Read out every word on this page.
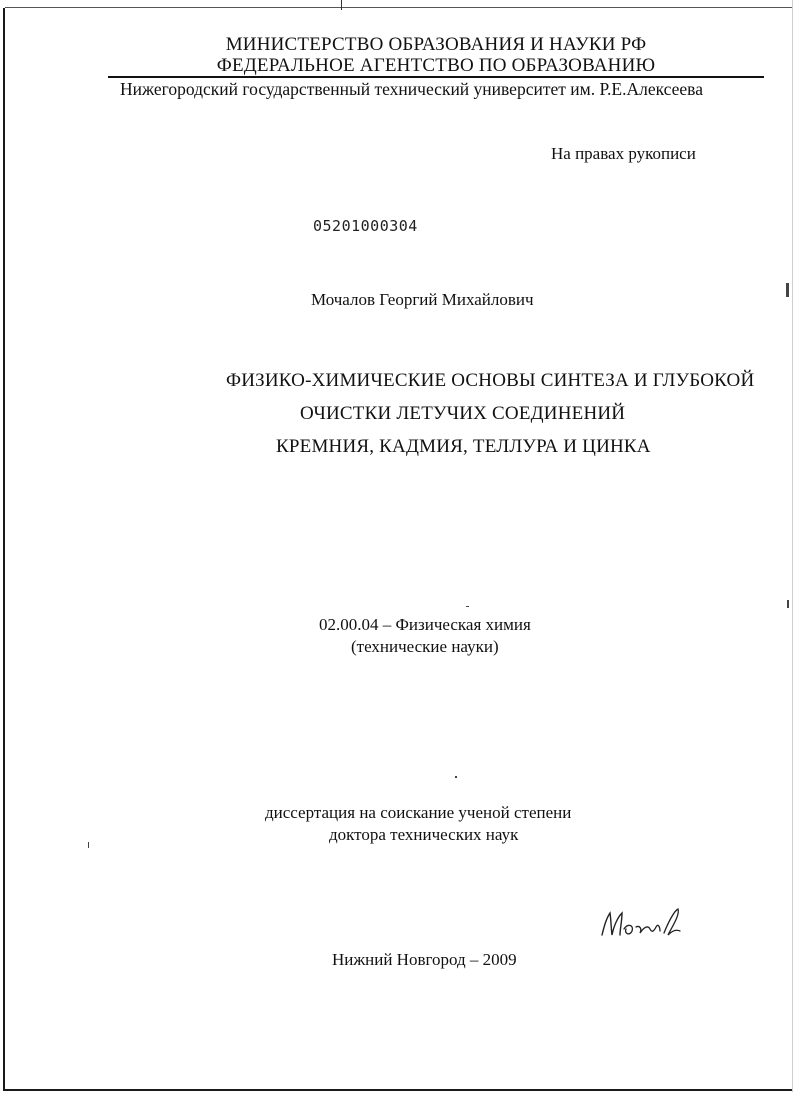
МИНИСТЕРСТВО ОБРАЗОВАНИЯ И НАУКИ РФ
ФЕДЕРАЛЬНОЕ АГЕНТСТВО ПО ОБРАЗОВАНИЮ
Нижегородский государственный технический университет им. Р.Е.Алексеева
На правах рукописи
05201000304
Мочалов Георгий Михайлович
ФИЗИКО-ХИМИЧЕСКИЕ ОСНОВЫ СИНТЕЗА И ГЛУБОКОЙ
ОЧИСТКИ ЛЕТУЧИХ СОЕДИНЕНИЙ
КРЕМНИЯ, КАДМИЯ, ТЕЛЛУРА И ЦИНКА
02.00.04 – Физическая химия
(технические науки)
диссертация на соискание ученой степени
доктора технических наук
Нижний Новгород – 2009
